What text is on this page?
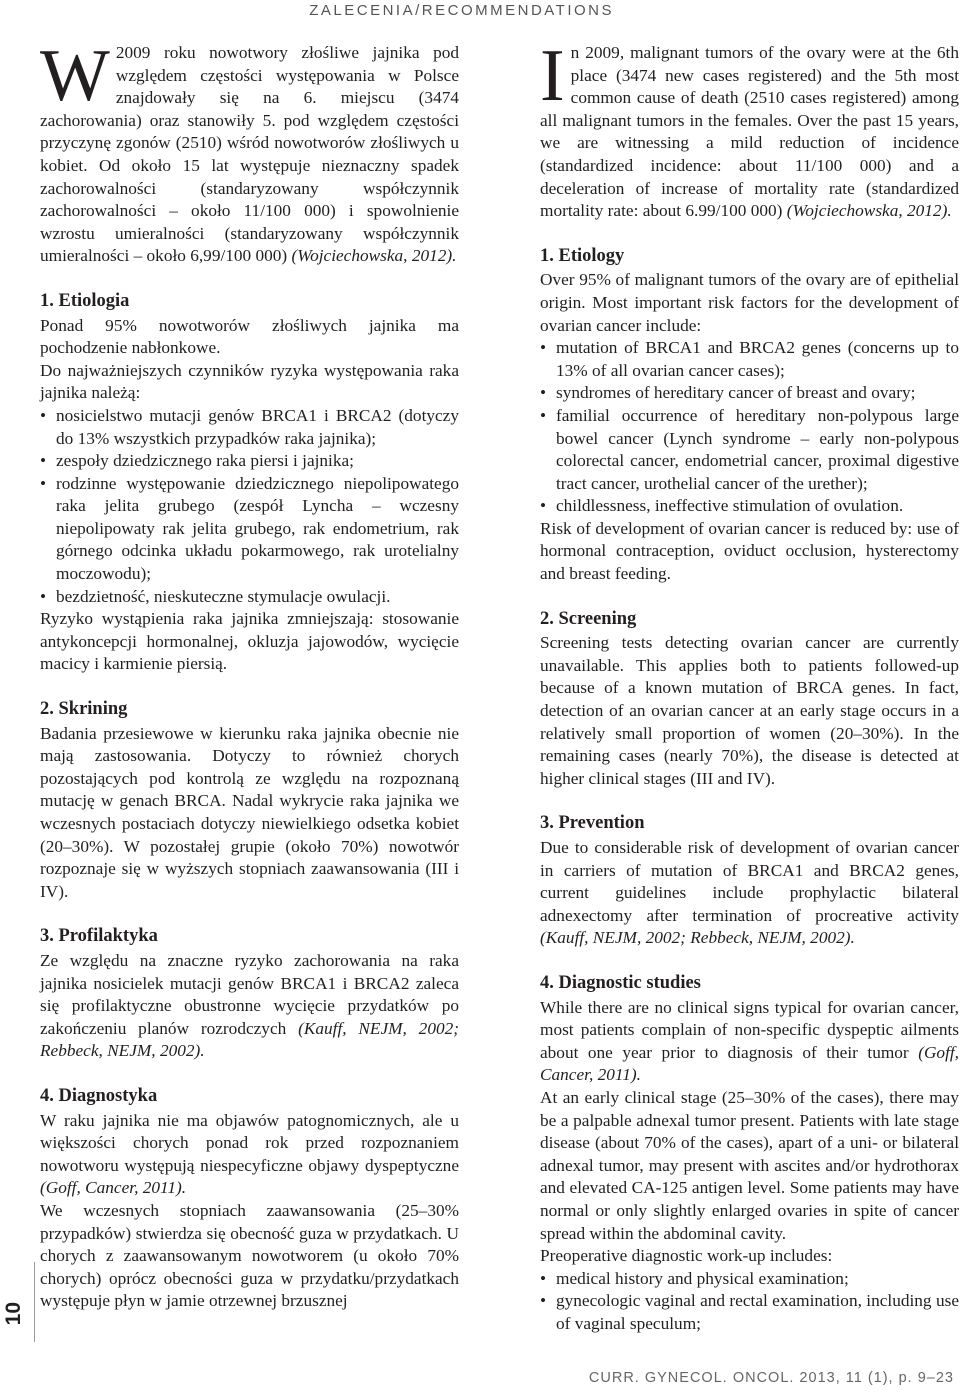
ZALECENIA/RECOMMENDATIONS

W 2009 roku nowotwory złośliwe jajnika pod względem częstości występowania w Polsce znajdowały się na 6. miejscu (3474 zachorowania) oraz stanowiły 5. pod względem częstości przyczynę zgonów (2510) wśród nowotworów złośliwych u kobiet. Od około 15 lat występuje nieznaczny spadek zachorowalności (standaryzowany współczynnik zachorowalności – około 11/100 000) i spowolnienie wzrostu umieralności (standaryzowany współczynnik umieralności – około 6,99/100 000) (Wojciechowska, 2012).

1. Etiologia

Ponad 95% nowotworów złośliwych jajnika ma pochodzenie nabłonkowe.

Do najważniejszych czynników ryzyka występowania raka jajnika należą:

• nosicielstwo mutacji genów BRCA1 i BRCA2 (dotyczy do 13% wszystkich przypadków raka jajnika);
• zespoły dziedzicznego raka piersi i jajnika;
• rodzinne występowanie dziedzicznego niepolipowatego raka jelita grubego (zespół Lyncha – wczesny niepolipowaty rak jelita grubego, rak endometrium, rak górnego odcinka układu pokarmowego, rak urotelialny moczowodu);
• bezdzietność, nieskuteczne stymulacje owulacji.

Ryzyko wystąpienia raka jajnika zmniejszają: stosowanie antykoncepcji hormonalnej, okluzja jajowodów, wycięcie macicy i karmienie piersią.

2. Skrining

Badania przesiewowe w kierunku raka jajnika obecnie nie mają zastosowania. Dotyczy to również chorych pozostających pod kontrolą ze względu na rozpoznaną mutację w genach BRCA. Nadal wykrycie raka jajnika we wczesnych postaciach dotyczy niewielkiego odsetka kobiet (20–30%). W pozostałej grupie (około 70%) nowotwór rozpoznaje się w wyższych stopniach zaawansowania (III i IV).

3. Profilaktyka

Ze względu na znaczne ryzyko zachorowania na raka jajnika nosicielek mutacji genów BRCA1 i BRCA2 zaleca się profilaktyczne obustronne wycięcie przydatków po zakończeniu planów rozrodczych (Kauff, NEJM, 2002; Rebbeck, NEJM, 2002).

4. Diagnostyka

W raku jajnika nie ma objawów patognomicznych, ale u większości chorych ponad rok przed rozpoznaniem nowotworu występują niespecyficzne objawy dyspeptyczne (Goff, Cancer, 2011).

We wczesnych stopniach zaawansowania (25–30% przypadków) stwierdza się obecność guza w przydatkach. U chorych z zaawansowanym nowotworem (u około 70% chorych) oprócz obecności guza w przydatku/przydatkach występuje płyn w jamie otrzewnej brzusznej

In 2009, malignant tumors of the ovary were at the 6th place (3474 new cases registered) and the 5th most common cause of death (2510 cases registered) among all malignant tumors in the females. Over the past 15 years, we are witnessing a mild reduction of incidence (standardized incidence: about 11/100 000) and a deceleration of increase of mortality rate (standardized mortality rate: about 6.99/100 000) (Wojciechowska, 2012).

1. Etiology

Over 95% of malignant tumors of the ovary are of epithelial origin. Most important risk factors for the development of ovarian cancer include:

• mutation of BRCA1 and BRCA2 genes (concerns up to 13% of all ovarian cancer cases);
• syndromes of hereditary cancer of breast and ovary;
• familial occurrence of hereditary non-polypous large bowel cancer (Lynch syndrome – early non-polypous colorectal cancer, endometrial cancer, proximal digestive tract cancer, urothelial cancer of the urether);
• childlessness, ineffective stimulation of ovulation.

Risk of development of ovarian cancer is reduced by: use of hormonal contraception, oviduct occlusion, hysterectomy and breast feeding.

2. Screening

Screening tests detecting ovarian cancer are currently unavailable. This applies both to patients followed-up because of a known mutation of BRCA genes. In fact, detection of an ovarian cancer at an early stage occurs in a relatively small proportion of women (20–30%). In the remaining cases (nearly 70%), the disease is detected at higher clinical stages (III and IV).

3. Prevention

Due to considerable risk of development of ovarian cancer in carriers of mutation of BRCA1 and BRCA2 genes, current guidelines include prophylactic bilateral adnexectomy after termination of procreative activity (Kauff, NEJM, 2002; Rebbeck, NEJM, 2002).

4. Diagnostic studies

While there are no clinical signs typical for ovarian cancer, most patients complain of non-specific dyspeptic ailments about one year prior to diagnosis of their tumor (Goff, Cancer, 2011).

At an early clinical stage (25–30% of the cases), there may be a palpable adnexal tumor present. Patients with late stage disease (about 70% of the cases), apart of a uni- or bilateral adnexal tumor, may present with ascites and/or hydrothorax and elevated CA-125 antigen level. Some patients may have normal or only slightly enlarged ovaries in spite of cancer spread within the abdominal cavity.

Preoperative diagnostic work-up includes:

• medical history and physical examination;
• gynecologic vaginal and rectal examination, including use of vaginal speculum;
10
CURR. GYNECOL. ONCOL. 2013, 11 (1), p. 9–23
